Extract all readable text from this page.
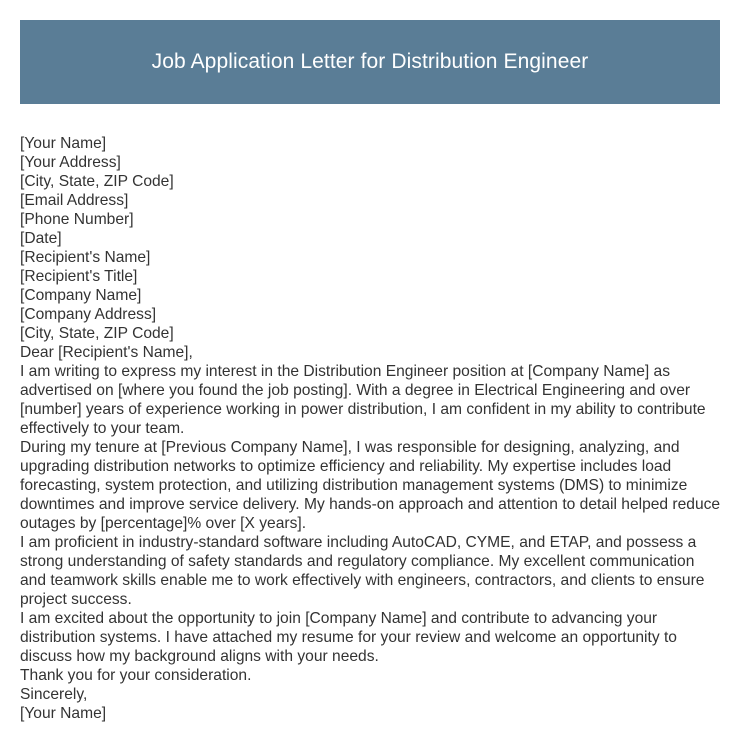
Job Application Letter for Distribution Engineer
[Your Name]
[Your Address]
[City, State, ZIP Code]
[Email Address]
[Phone Number]
[Date]
[Recipient's Name]
[Recipient's Title]
[Company Name]
[Company Address]
[City, State, ZIP Code]
Dear [Recipient's Name],

I am writing to express my interest in the Distribution Engineer position at [Company Name] as advertised on [where you found the job posting]. With a degree in Electrical Engineering and over [number] years of experience working in power distribution, I am confident in my ability to contribute effectively to your team.

During my tenure at [Previous Company Name], I was responsible for designing, analyzing, and upgrading distribution networks to optimize efficiency and reliability. My expertise includes load forecasting, system protection, and utilizing distribution management systems (DMS) to minimize downtimes and improve service delivery. My hands-on approach and attention to detail helped reduce outages by [percentage]% over [X years].

I am proficient in industry-standard software including AutoCAD, CYME, and ETAP, and possess a strong understanding of safety standards and regulatory compliance. My excellent communication and teamwork skills enable me to work effectively with engineers, contractors, and clients to ensure project success.

I am excited about the opportunity to join [Company Name] and contribute to advancing your distribution systems. I have attached my resume for your review and welcome an opportunity to discuss how my background aligns with your needs.

Thank you for your consideration.

Sincerely,
[Your Name]
